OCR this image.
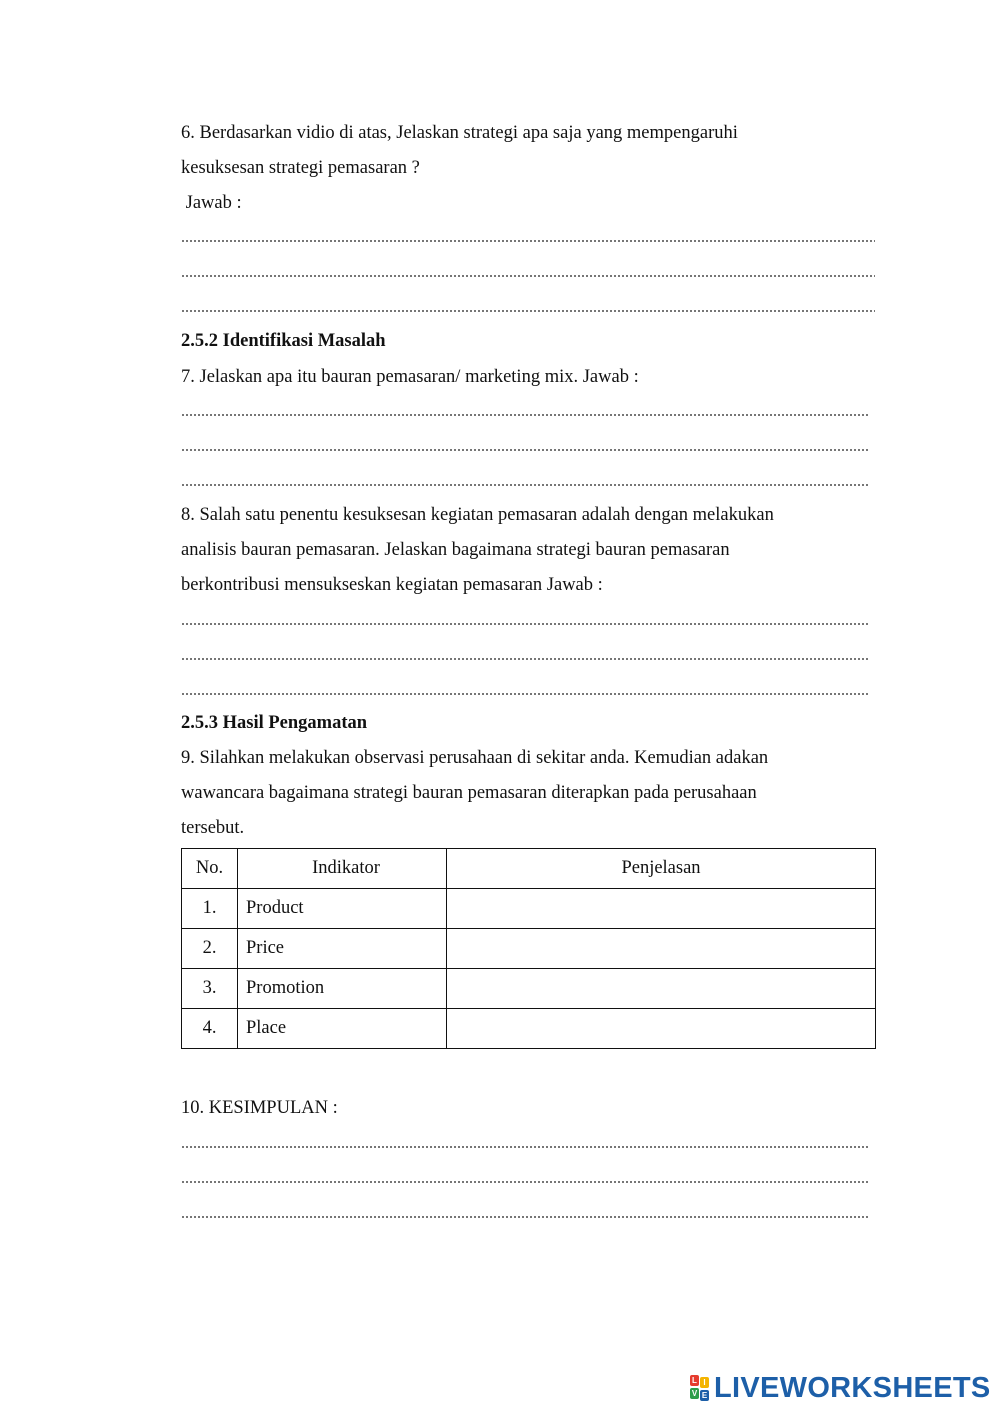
6. Berdasarkan vidio di atas, Jelaskan strategi apa saja yang mempengaruhi
kesuksesan strategi pemasaran ?
Jawab :
2.5.2 Identifikasi Masalah
7. Jelaskan apa itu bauran pemasaran/ marketing mix. Jawab :
8. Salah satu penentu kesuksesan kegiatan pemasaran adalah dengan melakukan
analisis bauran pemasaran. Jelaskan bagaimana strategi bauran pemasaran
berkontribusi mensukseskan kegiatan pemasaran Jawab :
2.5.3 Hasil Pengamatan
9. Silahkan melakukan observasi perusahaan di sekitar anda. Kemudian adakan
wawancara bagaimana strategi bauran pemasaran diterapkan pada perusahaan
tersebut.
No.	Indikator	Penjelasan
1.	Product	
2.	Price	
3.	Promotion	
4.	Place	
10. KESIMPULAN :
L I
V E LIVEWORKSHEETS
